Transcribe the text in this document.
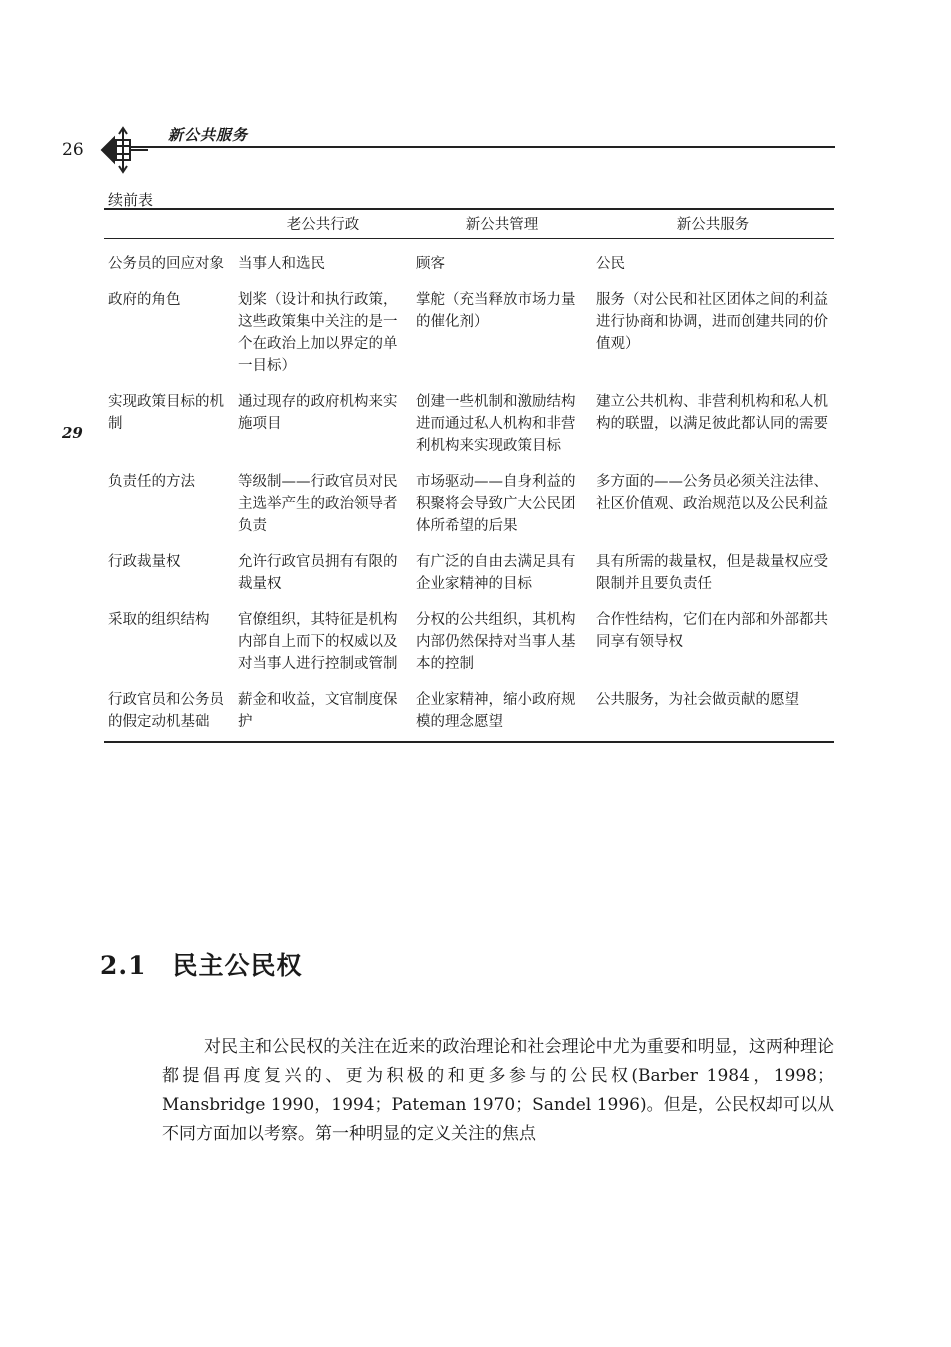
26
新公共服务
29
续前表
	老公共行政	新公共管理	新公共服务
公务员的回应对象	当事人和选民	顾客	公民
政府的角色	划桨（设计和执行政策，这些政策集中关注的是一个在政治上加以界定的单一目标）	掌舵（充当释放市场力量的催化剂）	服务（对公民和社区团体之间的利益进行协商和协调，进而创建共同的价值观）
实现政策目标的机制	通过现存的政府机构来实施项目	创建一些机制和激励结构进而通过私人机构和非营利机构来实现政策目标	建立公共机构、非营利机构和私人机构的联盟，以满足彼此都认同的需要
负责任的方法	等级制——行政官员对民主选举产生的政治领导者负责	市场驱动——自身利益的积聚将会导致广大公民团体所希望的后果	多方面的——公务员必须关注法律、社区价值观、政治规范以及公民利益
行政裁量权	允许行政官员拥有有限的裁量权	有广泛的自由去满足具有企业家精神的目标	具有所需的裁量权，但是裁量权应受限制并且要负责任
采取的组织结构	官僚组织，其特征是机构内部自上而下的权威以及对当事人进行控制或管制	分权的公共组织，其机构内部仍然保持对当事人基本的控制	合作性结构，它们在内部和外部都共同享有领导权
行政官员和公务员的假定动机基础	薪金和收益，文官制度保护	企业家精神，缩小政府规模的理念愿望	公共服务，为社会做贡献的愿望
2.1 民主公民权
对民主和公民权的关注在近来的政治理论和社会理论中尤为重要和明显，这两种理论都提倡再度复兴的、更为积极的和更多参与的公民权(Barber 1984，1998；Mansbridge 1990，1994；Pateman 1970；Sandel 1996)。但是，公民权却可以从不同方面加以考察。第一种明显的定义关注的焦点
